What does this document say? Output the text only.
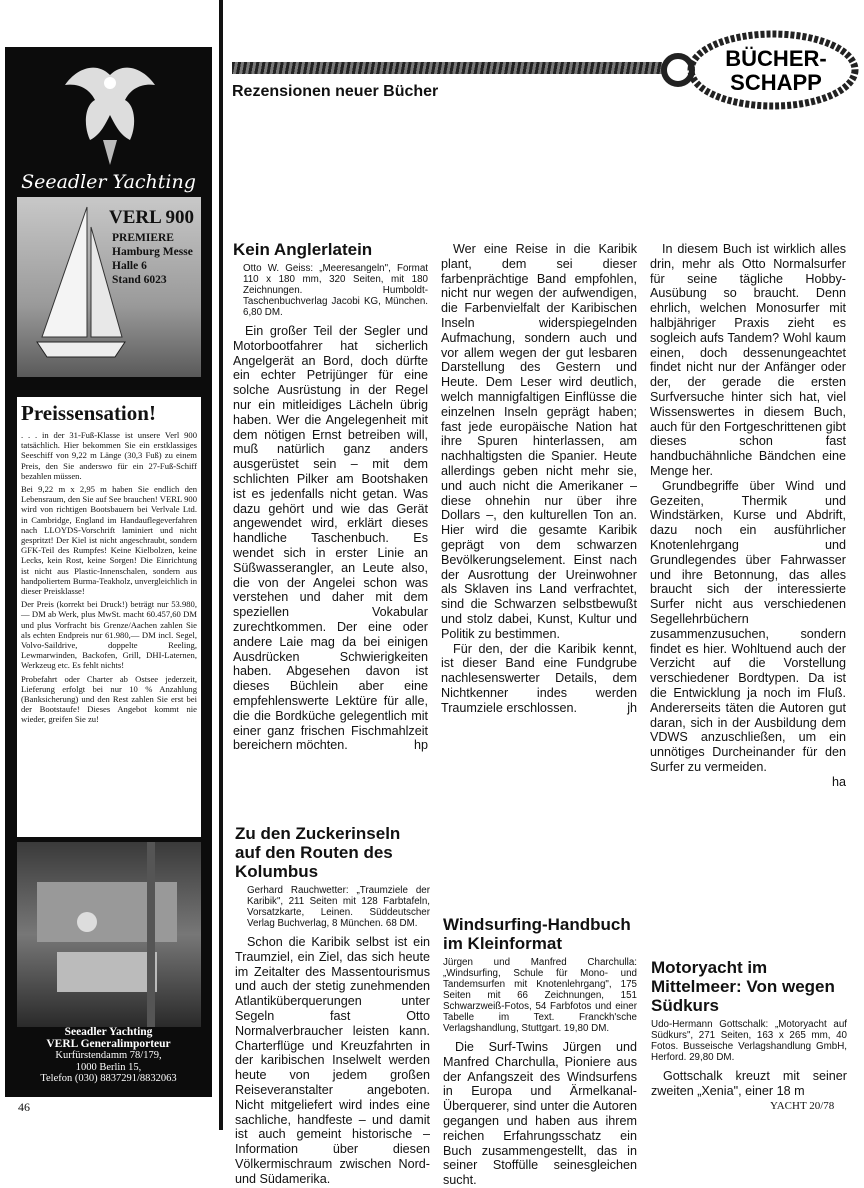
Seeadler Yachting
VERL 900
PREMIERE
Hamburg Messe
Halle 6
Stand 6023
Preissensation!

. . . in der 31-Fuß-Klasse ist unsere Verl 900 tatsächlich. Hier bekommen Sie ein erstklassiges Seeschiff von 9,22 m Länge (30,3 Fuß) zu einem Preis, den Sie anderswo für ein 27-Fuß-Schiff bezahlen müssen.

Bei 9,22 m x 2,95 m haben Sie endlich den Lebensraum, den Sie auf See brauchen! VERL 900 wird von richtigen Bootsbauern bei Verlvale Ltd. in Cambridge, England im Handauflegeverfahren nach LLOYDS-Vorschrift laminiert und nicht gespritzt! Der Kiel ist nicht angeschraubt, sondern GFK-Teil des Rumpfes! Keine Kielbolzen, keine Lecks, kein Rost, keine Sorgen! Die Einrichtung ist nicht aus Plastic-Innenschalen, sondern aus handpoliertem Burma-Teakholz, unvergleichlich in dieser Preisklasse!

Der Preis (korrekt bei Druck!) beträgt nur 53.980,— DM ab Werk, plus MwSt. macht 60.457,60 DM und plus Vorfracht bis Grenze/Aachen zahlen Sie als echten Endpreis nur 61.980,— DM incl. Segel, Volvo-Saildrive, doppelte Reeling, Lewmarwinden, Backofen, Grill, DHI-Laternen, Werkzeug etc. Es fehlt nichts!

Probefahrt oder Charter ab Ostsee jederzeit, Lieferung erfolgt bei nur 10 % Anzahlung (Banksicherung) und den Rest zahlen Sie erst bei der Bootstaufe! Dieses Angebot kommt nie wieder, greifen Sie zu!

Seeadler Yachting
VERL Generalimporteur
Kurfürstendamm 78/179,
1000 Berlin 15,
Telefon (030) 8837291/8832063
BÜCHER-
SCHAPP
Rezensionen neuer Bücher
Kein Anglerlatein
Otto W. Geiss: „Meeresangeln", Format 110 x 180 mm, 320 Seiten, mit 180 Zeichnungen. Humboldt-Taschenbuchverlag Jacobi KG, München. 6,80 DM.

Ein großer Teil der Segler und Motorbootfahrer hat sicherlich Angelgerät an Bord, doch dürfte ein echter Petrijünger für eine solche Ausrüstung in der Regel nur ein mitleidiges Lächeln übrig haben. Wer die Angelegenheit mit dem nötigen Ernst betreiben will, muß natürlich ganz anders ausgerüstet sein – mit dem schlichten Pilker am Bootshaken ist es jedenfalls nicht getan. Was dazu gehört und wie das Gerät angewendet wird, erklärt dieses handliche Taschenbuch. Es wendet sich in erster Linie an Süßwasserangler, an Leute also, die von der Angelei schon was verstehen und daher mit dem speziellen Vokabular zurechtkommen. Der eine oder andere Laie mag da bei einigen Ausdrücken Schwierigkeiten haben. Abgesehen davon ist dieses Büchlein aber eine empfehlenswerte Lektüre für alle, die die Bordküche gelegentlich mit einer ganz frischen Fischmahlzeit bereichern möchten.	hp

Zu den Zuckerinseln auf den Routen des Kolumbus
Gerhard Rauchwetter: „Traumziele der Karibik", 211 Seiten mit 128 Farbtafeln, Vorsatzkarte, Leinen. Süddeutscher Verlag Buchverlag, 8 München. 68 DM.

Schon die Karibik selbst ist ein Traumziel, ein Ziel, das sich heute im Zeitalter des Massentourismus und auch der stetig zunehmenden Atlantiküberquerungen unter Segeln fast Otto Normalverbraucher leisten kann. Charterflüge und Kreuzfahrten in der karibischen Inselwelt werden heute von jedem großen Reiseveranstalter angeboten. Nicht mitgeliefert wird indes eine sachliche, handfeste – und damit ist auch gemeint historische – Information über diesen Völkermischraum zwischen Nord- und Südamerika.

Wer eine Reise in die Karibik plant, dem sei dieser farbenprächtige Band empfohlen, nicht nur wegen der aufwendigen, die Farbenvielfalt der Karibischen Inseln widerspiegelnden Aufmachung, sondern auch und vor allem wegen der gut lesbaren Darstellung des Gestern und Heute. Dem Leser wird deutlich, welch mannigfaltigen Einflüsse die einzelnen Inseln geprägt haben; fast jede europäische Nation hat ihre Spuren hinterlassen, am nachhaltigsten die Spanier. Heute allerdings geben nicht mehr sie, und auch nicht die Amerikaner – diese ohnehin nur über ihre Dollars –, den kulturellen Ton an. Hier wird die gesamte Karibik geprägt von dem schwarzen Bevölkerungselement. Einst nach der Ausrottung der Ureinwohner als Sklaven ins Land verfrachtet, sind die Schwarzen selbstbewußt und stolz dabei, Kunst, Kultur und Politik zu bestimmen.

Für den, der die Karibik kennt, ist dieser Band eine Fundgrube nachlesenswerter Details, dem Nichtkenner indes werden Traumziele erschlossen.	jh

Windsurfing-Handbuch im Kleinformat
Jürgen und Manfred Charchulla: „Windsurfing, Schule für Mono- und Tandemsurfen mit Knotenlehrgang", 175 Seiten mit 66 Zeichnungen, 151 Schwarzweiß-Fotos, 54 Farbfotos und einer Tabelle im Text. Franckh'sche Verlagshandlung, Stuttgart. 19,80 DM.

Die Surf-Twins Jürgen und Manfred Charchulla, Pioniere aus der Anfangszeit des Windsurfens in Europa und Ärmelkanal-Überquerer, sind unter die Autoren gegangen und haben aus ihrem reichen Erfahrungsschatz ein Buch zusammengestellt, das in seiner Stoffülle seinesgleichen sucht.

In diesem Buch ist wirklich alles drin, mehr als Otto Normalsurfer für seine tägliche Hobby-Ausübung so braucht. Denn ehrlich, welchen Monosurfer mit halbjähriger Praxis zieht es sogleich aufs Tandem? Wohl kaum einen, doch dessenungeachtet findet nicht nur der Anfänger oder der, der gerade die ersten Surfversuche hinter sich hat, viel Wissenswertes in diesem Buch, auch für den Fortgeschrittenen gibt dieses schon fast handbuchähnliche Bändchen eine Menge her.

Grundbegriffe über Wind und Gezeiten, Thermik und Windstärken, Kurse und Abdrift, dazu noch ein ausführlicher Knotenlehrgang und Grundlegendes über Fahrwasser und ihre Betonnung, das alles braucht sich der interessierte Surfer nicht aus verschiedenen Segellehrbüchern zusammenzusuchen, sondern findet es hier. Wohltuend auch der Verzicht auf die Vorstellung verschiedener Bordtypen. Da ist die Entwicklung ja noch im Fluß. Andererseits täten die Autoren gut daran, sich in der Ausbildung dem VDWS anzuschließen, um ein unnötiges Durcheinander für den Surfer zu vermeiden.

ha

Motoryacht im Mittelmeer: Von wegen Südkurs
Udo-Hermann Gottschalk: „Motoryacht auf Südkurs", 271 Seiten, 163 x 265 mm, 40 Fotos. Busseische Verlagshandlung GmbH, Herford. 29,80 DM.

Gottschalk kreuzt mit seiner zweiten „Xenia", einer 18 m

46	YACHT 20/78
